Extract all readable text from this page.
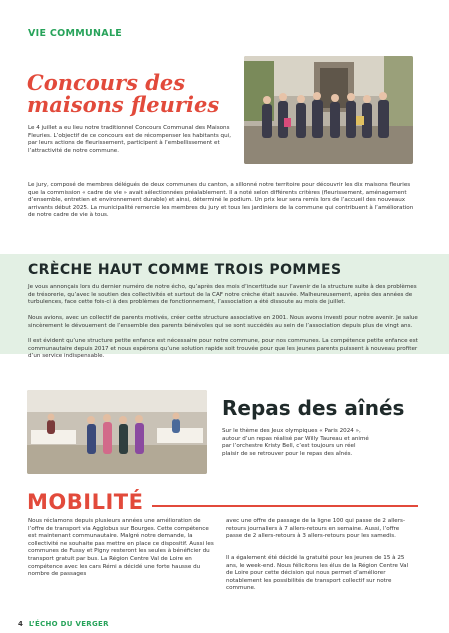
VIE COMMUNALE
Concours des maisons fleuries

Le 4 juillet a eu lieu notre traditionnel Concours Communal des Maisons Fleuries. L’objectif de ce concours est de récompenser les habitants qui, par leurs actions de fleurissement, participent à l’embellissement et l’attractivité de notre commune.

Le jury, composé de membres délégués de deux communes du canton, a sillonné notre territoire pour découvrir les dix maisons fleuries que la commission « cadre de vie » avait sélectionnées préalablement. Il a noté selon différents critères (fleurissement, aménagement d’ensemble, entretien et environnement durable) et ainsi, déterminé le podium. Un prix leur sera remis lors de l’accueil des nouveaux arrivants début 2025. La municipalité remercie les membres du jury et tous les jardiniers de la commune qui contribuent à l’amélioration de notre cadre de vie à tous.

CRÈCHE HAUT COMME TROIS POMMES

Je vous annonçais lors du dernier numéro de notre écho, qu’après des mois d’incertitude sur l’avenir de la structure suite à des problèmes de trésorerie, qu’avec le soutien des collectivités et surtout de la CAF notre crèche était sauvée. Malheureusement, après des années de turbulences, face cette fois-ci à des problèmes de fonctionnement, l’association a été dissoute au mois de juillet.

Nous avions, avec un collectif de parents motivés, créer cette structure associative en 2001. Nous avons investi pour notre avenir. Je salue sincèrement le dévouement de l’ensemble des parents bénévoles qui se sont succédés au sein de l’association depuis plus de vingt ans.

Il est évident qu’une structure petite enfance est nécessaire pour notre commune, pour nos communes. La compétence petite enfance est communautaire depuis 2017 et nous espérons qu’une solution rapide soit trouvée pour que les jeunes parents puissent à nouveau profiter d’un service indispensable.

Repas des aînés

Sur le thème des Jeux olympiques « Paris 2024 », autour d’un repas réalisé par Willy Taureau et animé par l’orchestre Kristy Bell, c’est toujours un réel plaisir de se retrouver pour le repas des aînés.

MOBILITÉ

Nous réclamons depuis plusieurs années une amélioration de l’offre de transport via Agglobus sur Bourges. Cette compétence est maintenant communautaire. Malgré notre demande, la collectivité ne souhaite pas mettre en place ce dispositif. Aussi les communes de Fussy et Pigny resteront les seules à bénéficier du transport gratuit par bus. La Région Centre Val de Loire en compétence avec les cars Rémi a décidé une forte hausse du nombre de passages

avec une offre de passage de la ligne 100 qui passe de 2 allers-retours journaliers à 7 allers-retours en semaine. Aussi, l’offre passe de 2 allers-retours à 3 allers-retours pour les samedis.

Il a également été décidé la gratuité pour les jeunes de 15 à 25 ans, le week-end. Nous félicitons les élus de la Région Centre Val de Loire pour cette décision qui nous permet d’améliorer notablement les possibilités de transport collectif sur notre commune.

4 L’ÉCHO DU VERGER
